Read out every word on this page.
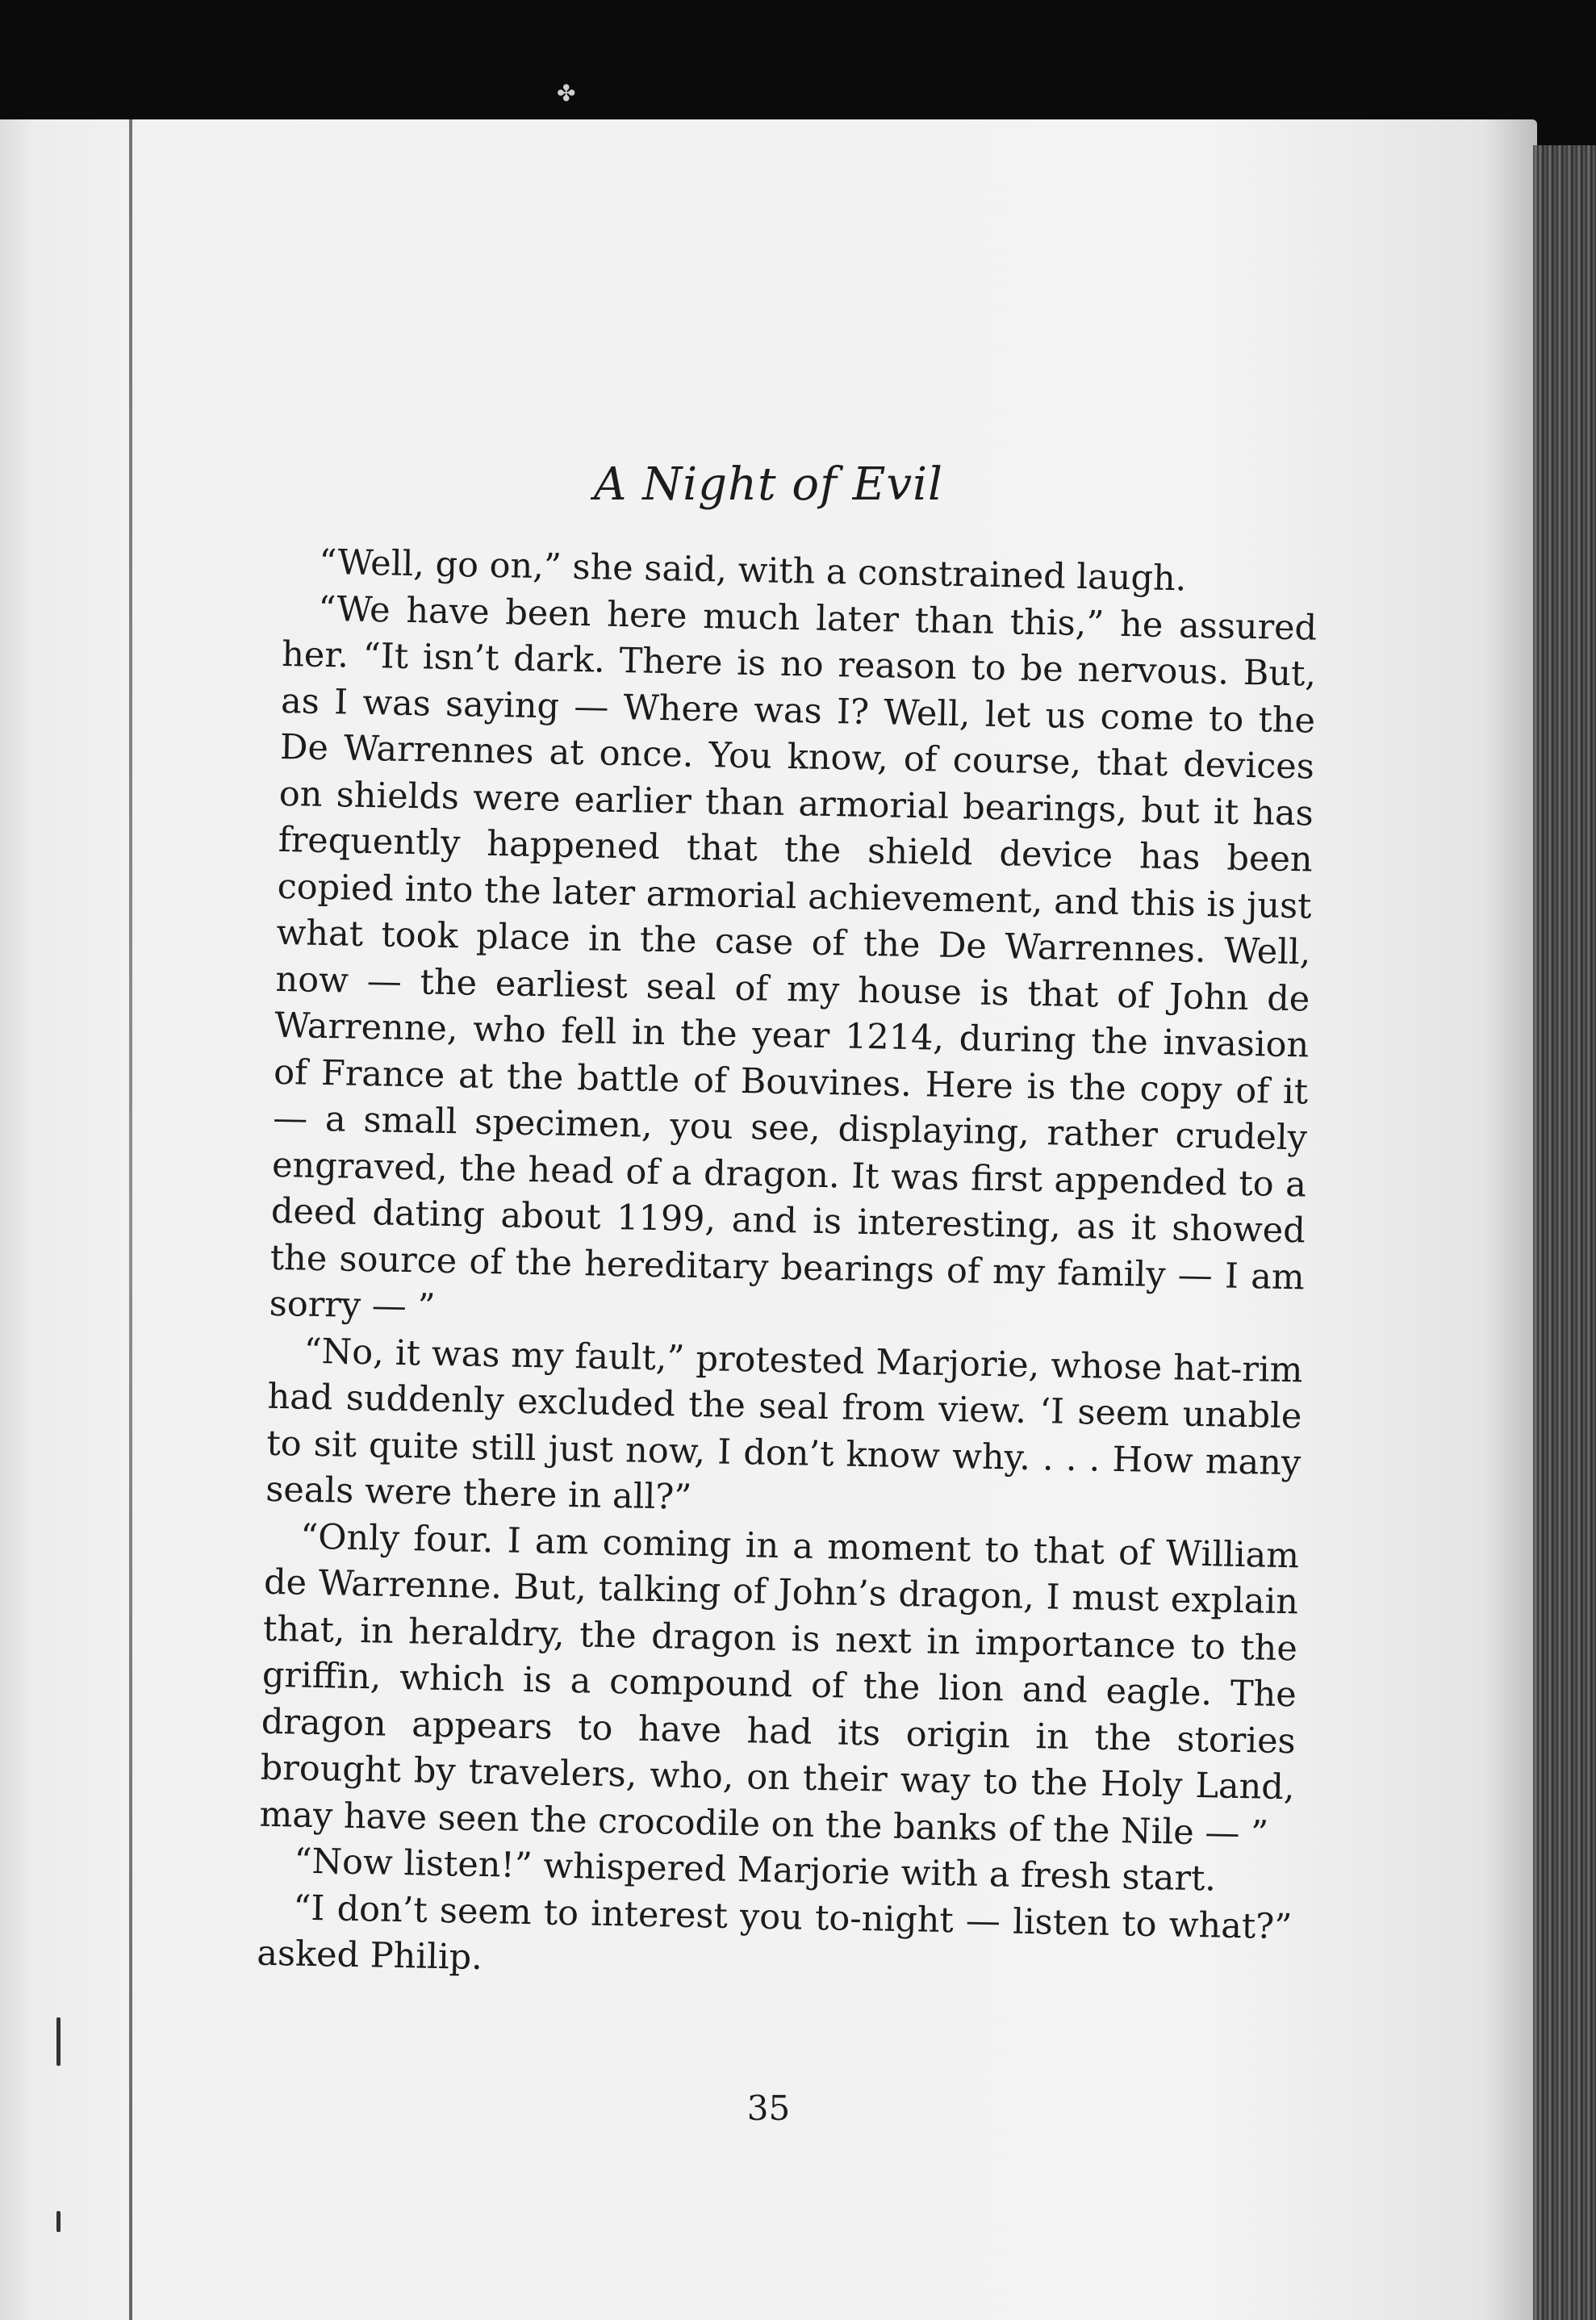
✤
A Night of Evil

“Well, go on,” she said, with a constrained laugh.

“We have been here much later than this,” he assured her. “It isn’t dark. There is no reason to be nervous. But, as I was saying — Where was I? Well, let us come to the De Warrennes at once. You know, of course, that devices on shields were earlier than armorial bearings, but it has frequently happened that the shield device has been copied into the later armorial achievement, and this is just what took place in the case of the De Warrennes. Well, now — the earliest seal of my house is that of John de Warrenne, who fell in the year 1214, during the invasion of France at the battle of Bouvines. Here is the copy of it — a small specimen, you see, displaying, rather crudely engraved, the head of a dragon. It was first appended to a deed dating about 1199, and is interesting, as it showed the source of the hereditary bearings of my family — I am sorry — ”

“No, it was my fault,” protested Marjorie, whose hat-rim had suddenly excluded the seal from view. ‘I seem unable to sit quite still just now, I don’t know why. . . . How many seals were there in all?”

“Only four. I am coming in a moment to that of William de Warrenne. But, talking of John’s dragon, I must explain that, in heraldry, the dragon is next in importance to the griffin, which is a compound of the lion and eagle. The dragon appears to have had its origin in the stories brought by travelers, who, on their way to the Holy Land, may have seen the crocodile on the banks of the Nile — ”

“Now listen!” whispered Marjorie with a fresh start.

“I don’t seem to interest you to-night — listen to what?” asked Philip.

35
